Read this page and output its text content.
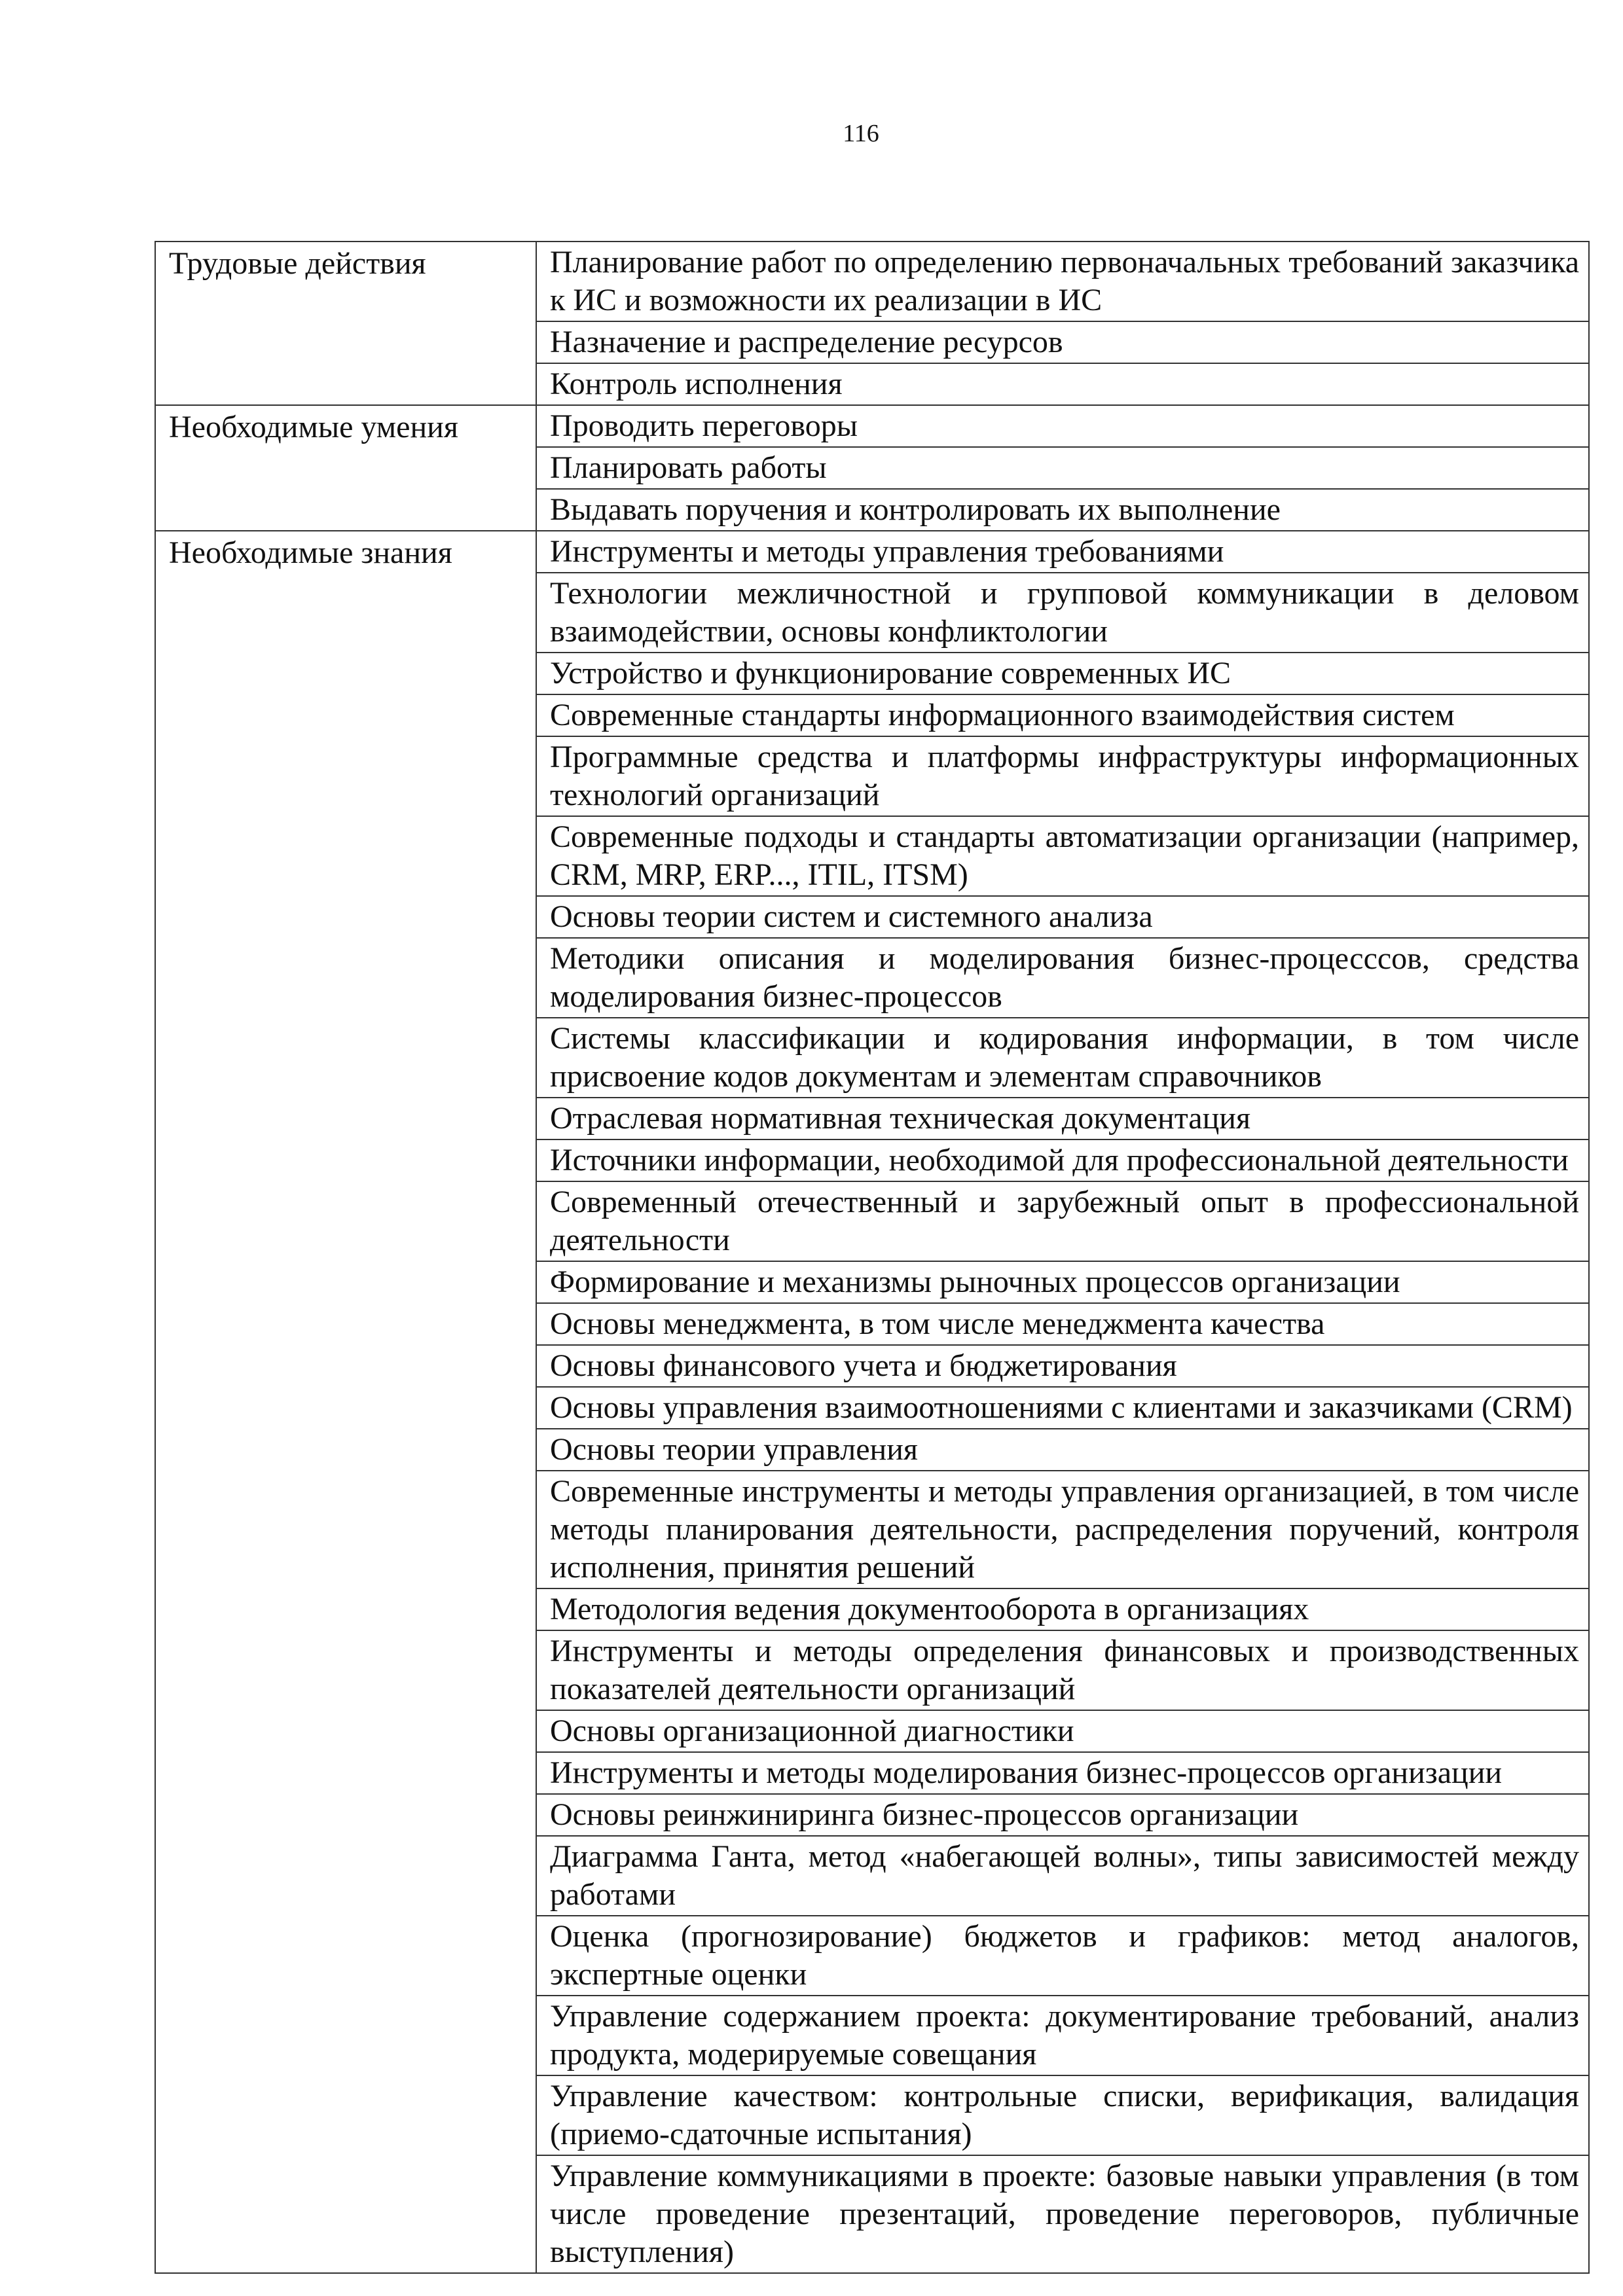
116
Трудовые действия	Планирование работ по определению первоначальных требований заказчика к ИС и возможности их реализации в ИС
	Назначение и распределение ресурсов
	Контроль исполнения
Необходимые умения	Проводить переговоры
	Планировать работы
	Выдавать поручения и контролировать их выполнение
Необходимые знания	Инструменты и методы управления требованиями
	Технологии межличностной и групповой коммуникации в деловом взаимодействии, основы конфликтологии
	Устройство и функционирование современных ИС
	Современные стандарты информационного взаимодействия систем
	Программные средства и платформы инфраструктуры информационных технологий организаций
	Современные подходы и стандарты автоматизации организации (например, CRM, MRP, ERP..., ITIL, ITSM)
	Основы теории систем и системного анализа
	Методики описания и моделирования бизнес-процесссов, средства моделирования бизнес-процессов
	Системы классификации и кодирования информации, в том числе присвоение кодов документам и элементам справочников
	Отраслевая нормативная техническая документация
	Источники информации, необходимой для профессиональной деятельности
	Современный отечественный и зарубежный опыт в профессиональной деятельности
	Формирование и механизмы рыночных процессов организации
	Основы менеджмента, в том числе менеджмента качества
	Основы финансового учета и бюджетирования
	Основы управления взаимоотношениями с клиентами и заказчиками (CRM)
	Основы теории управления
	Современные инструменты и методы управления организацией, в том числе методы планирования деятельности, распределения поручений, контроля исполнения, принятия решений
	Методология ведения документооборота в организациях
	Инструменты и методы определения финансовых и производственных показателей деятельности организаций
	Основы организационной диагностики
	Инструменты и методы моделирования бизнес-процессов организации
	Основы реинжиниринга бизнес-процессов организации
	Диаграмма Ганта, метод «набегающей волны», типы зависимостей между работами
	Оценка (прогнозирование) бюджетов и графиков: метод аналогов, экспертные оценки
	Управление содержанием проекта: документирование требований, анализ продукта, модерируемые совещания
	Управление качеством: контрольные списки, верификация, валидация (приемо-сдаточные испытания)
	Управление коммуникациями в проекте: базовые навыки управления (в том числе проведение презентаций, проведение переговоров, публичные выступления)
